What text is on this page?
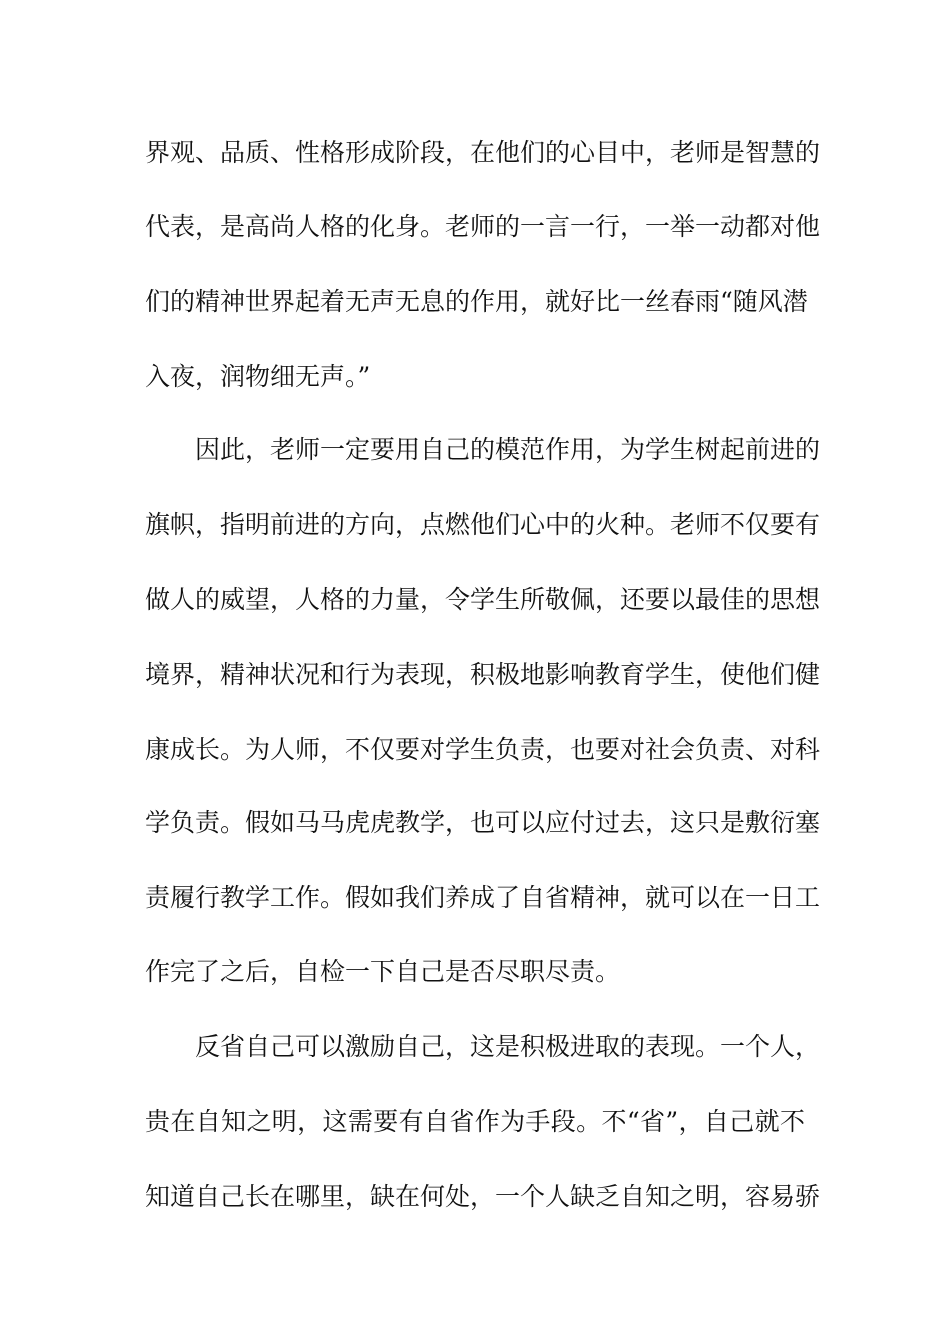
界观、品质、性格形成阶段，在他们的心目中，老师是智慧的
代表，是高尚人格的化身。老师的一言一行，一举一动都对他
们的精神世界起着无声无息的作用，就好比一丝春雨“随风潜
入夜，润物细无声。”
因此，老师一定要用自己的模范作用，为学生树起前进的
旗帜，指明前进的方向，点燃他们心中的火种。老师不仅要有
做人的威望，人格的力量，令学生所敬佩，还要以最佳的思想
境界，精神状况和行为表现，积极地影响教育学生，使他们健
康成长。为人师，不仅要对学生负责，也要对社会负责、对科
学负责。假如马马虎虎教学，也可以应付过去，这只是敷衍塞
责履行教学工作。假如我们养成了自省精神，就可以在一日工
作完了之后，自检一下自己是否尽职尽责。
反省自己可以激励自己，这是积极进取的表现。一个人，
贵在自知之明，这需要有自省作为手段。不“省”，自己就不
知道自己长在哪里，缺在何处，一个人缺乏自知之明，容易骄
